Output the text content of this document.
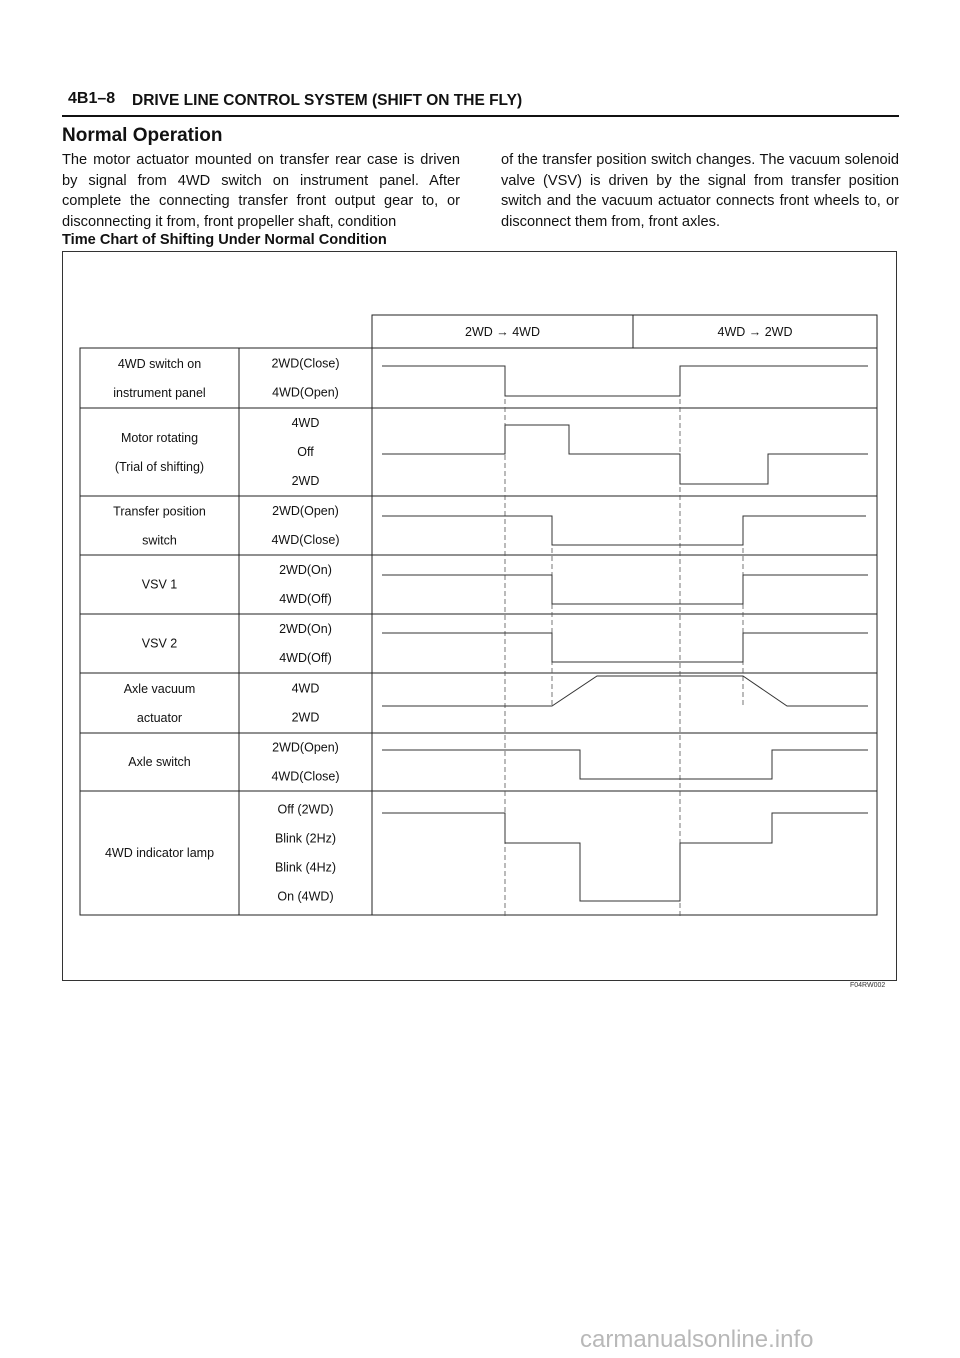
4B1–8 DRIVE LINE CONTROL SYSTEM (SHIFT ON THE FLY)
Normal Operation

The motor actuator mounted on transfer rear case is driven by signal from 4WD switch on instrument panel. After complete the connecting transfer front output gear to, or disconnecting it from, front propeller shaft, condition

of the transfer position switch changes. The vacuum solenoid valve (VSV) is driven by the signal from transfer position switch and the vacuum actuator connects front wheels to, or disconnect them from, front axles.

Time Chart of Shifting Under Normal Condition
2WD → 4WD	4WD → 2WD
4WD switch on
instrument panel
2WD(Close)
4WD(Open)
Motor rotating
(Trial of shifting)
4WD
Off
2WD
Transfer position
switch
2WD(Open)
4WD(Close)
VSV 1
2WD(On)
4WD(Off)
VSV 2
2WD(On)
4WD(Off)
Axle vacuum
actuator
4WD
2WD
Axle switch
2WD(Open)
4WD(Close)
4WD indicator lamp
Off (2WD)
Blink (2Hz)
Blink (4Hz)
On (4WD)
F04RW002
carmanualsonline.info
